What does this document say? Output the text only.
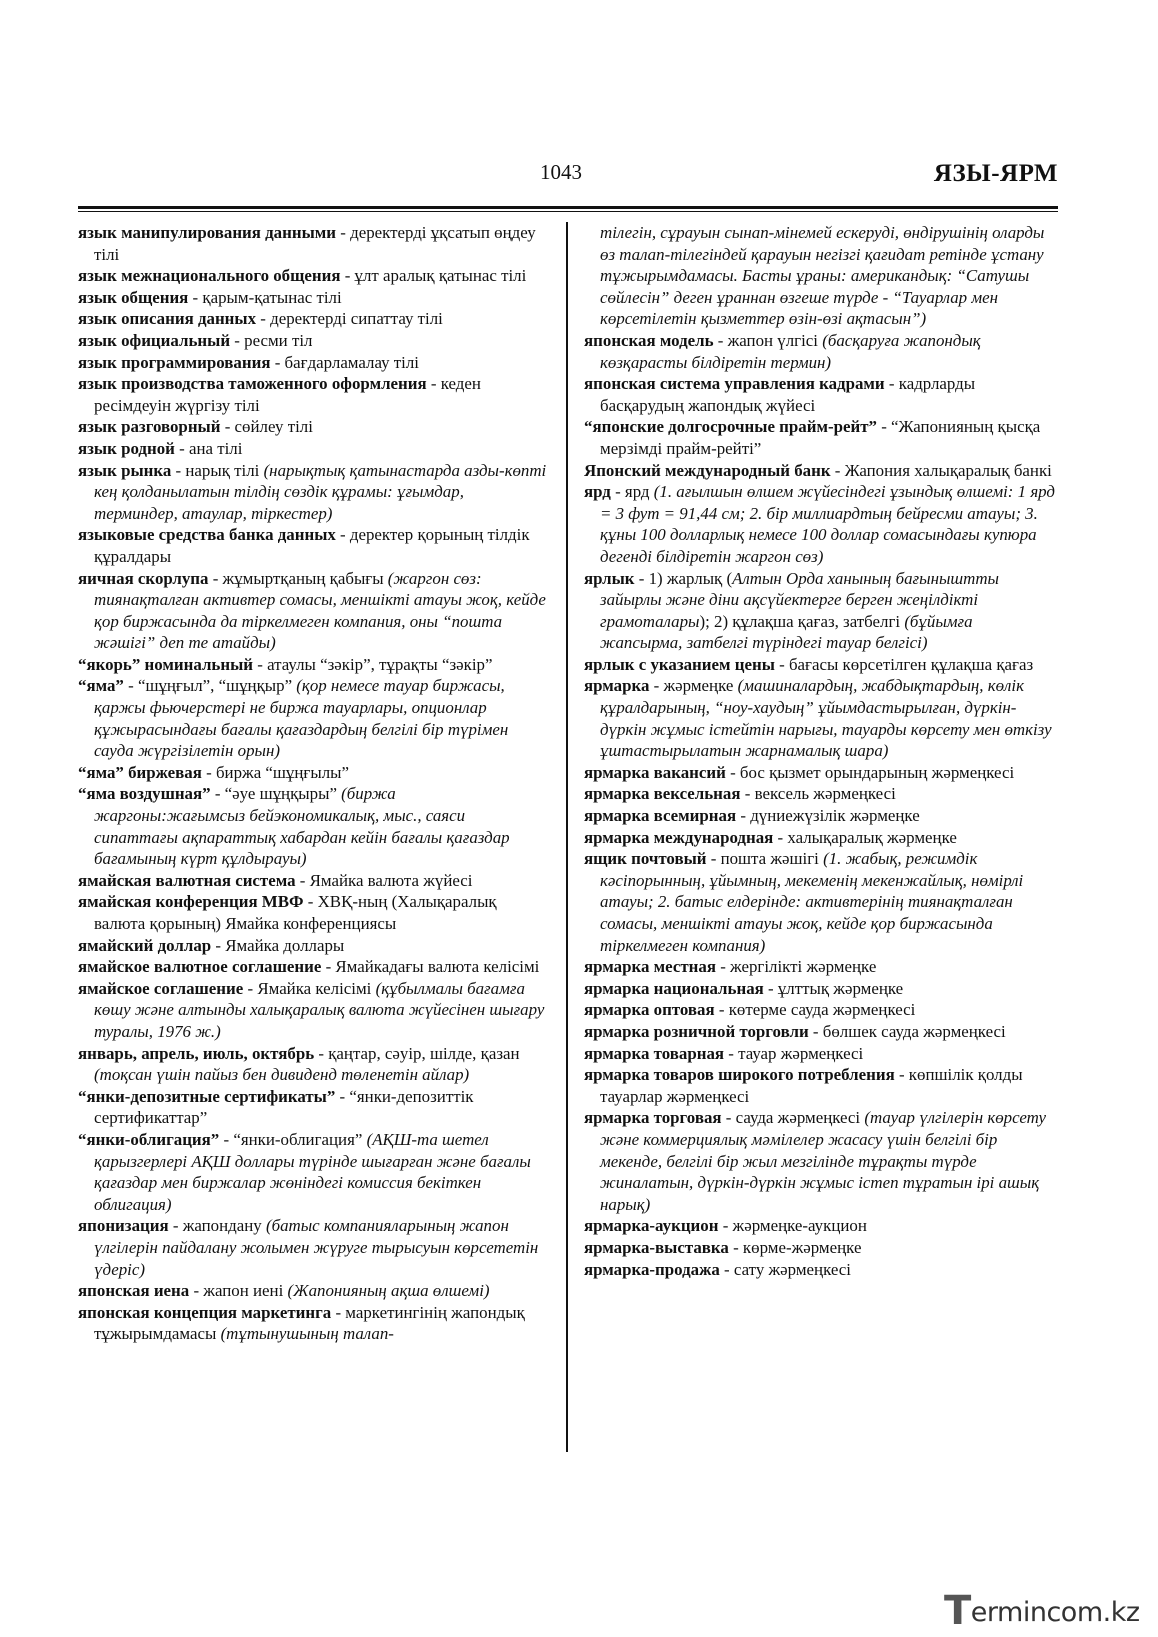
1043	ЯЗЫ-ЯРМ

язык манипулирования данными - деректерді ұқсатып өңдеу тілі

язык межнационального общения - ұлт аралық қатынас тілі

язык общения - қарым-қатынас тілі

язык описания данных - деректерді сипаттау тілі

язык официальный - ресми тіл

язык программирования - бағдарламалау тілі

язык производства таможенного оформления - кеден ресімдеуін жүргізу тілі

язык разговорный - сөйлеу тілі

язык родной - ана тілі

язык рынка - нарық тілі (нарықтық қатынастарда азды-көпті кең қолданылатын тілдің сөздік құрамы: ұғымдар, терминдер, атаулар, тіркестер)

языковые средства банка данных - деректер қорының тілдік құралдары

яичная скорлупа - жұмыртқаның қабығы (жаргон сөз: тиянақталған активтер сомасы, меншікті атауы жоқ, кейде қор биржасында да тіркелмеген компания, оны “пошта жәшігі” деп те атайды)

“якорь” номинальный - атаулы “зәкір”, тұрақты “зәкір”

“яма” - “шұңғыл”, “шұңқыр” (қор немесе тауар биржасы, қаржы фьючерстері не биржа тауарлары, опционлар құжырасындағы бағалы қағаздардың белгілі бір түрімен сауда жүргізілетін орын)

“яма” биржевая - биржа “шұңғылы”

“яма воздушная” - “әуе шұңқыры” (биржа жаргоны:жағымсыз бейэкономикалық, мыс., саяси сипаттағы ақпараттық хабардан кейін бағалы қағаздар бағамының күрт құлдырауы)

ямайская валютная система - Ямайка валюта жүйесі

ямайская конференция МВФ - ХВҚ-ның (Халықаралық валюта қорының) Ямайка конференциясы

ямайский доллар - Ямайка доллары

ямайское валютное соглашение - Ямайкадағы валюта келісімі

ямайское соглашение - Ямайка келісімі (құбылмалы бағамға көшу және алтынды халықаралық валюта жүйесінен шығару туралы, 1976 ж.)

январь, апрель, июль, октябрь - қаңтар, сәуір, шілде, қазан (тоқсан үшін пайыз бен дивиденд төленетін айлар)

“янки-депозитные сертификаты” - “янки-депозиттік сертификаттар”

“янки-облигация” - “янки-облигация” (АҚШ-та шетел қарызгерлері АҚШ доллары түрінде шығарған және бағалы қағаздар мен биржалар жөніндегі комиссия бекіткен облигация)

японизация - жапондану (батыс компанияларының жапон үлгілерін пайдалану жолымен жүруге тырысуын көрсететін үдеріс)

японская иена - жапон иені (Жапонияның ақша өлшемі)

японская концепция маркетинга - маркетингінің жапондық тұжырымдамасы (тұтынушының талап-

тілегін, сұрауын сынап-мінемей ескеруді, өндірушінің оларды өз талап-тілегіндей қарауын негізгі қағидат ретінде ұстану тұжырымдамасы. Басты ұраны: американдық: “Сатушы сөйлесін” деген ұраннан өзгеше түрде - “Тауарлар мен көрсетілетін қызметтер өзін-өзі ақтасын”)

японская модель - жапон үлгісі (басқаруға жапондық көзқарасты білдіретін термин)

японская система управления кадрами - кадрларды басқарудың жапондық жүйесі

“японские долгосрочные прайм-рейт” - “Жапонияның қысқа мерзімді прайм-рейті”

Японский международный банк - Жапония халықаралық банкі

ярд - ярд (1. ағылшын өлшем жүйесіндегі ұзындық өлшемі: 1 ярд = 3 фут = 91,44 см; 2. бір миллиардтың бейресми атауы; 3. құны 100 долларлық немесе 100 доллар сомасындағы купюра дегенді білдіретін жаргон сөз)

ярлык - 1) жарлық (Алтын Орда ханының бағыныштты зайырлы және діни ақсүйектерге берген жеңілдікті грамоталары); 2) құлақша қағаз, затбелгі (бұйымға жапсырма, затбелгі түріндегі тауар белгісі)

ярлык с указанием цены - бағасы көрсетілген құлақша қағаз

ярмарка - жәрмеңке (машиналардың, жабдықтардың, көлік құралдарының, “ноу-хаудың” ұйымдастырылған, дүркін-дүркін жұмыс істейтін нарығы, тауарды көрсету мен өткізу ұштастырылатын жарнамалық шара)

ярмарка вакансий - бос қызмет орындарының жәрмеңкесі

ярмарка вексельная - вексель жәрмеңкесі

ярмарка всемирная - дүниежүзілік жәрмеңке

ярмарка международная - халықаралық жәрмеңке

ящик почтовый - пошта жәшігі (1. жабық, режимдік кәсіпорынның, ұйымның, мекеменің мекенжайлық, нөмірлі атауы; 2. батыс елдерінде: активтерінің тиянақталған сомасы, меншікті атауы жоқ, кейде қор биржасында тіркелмеген компания)

ярмарка местная - жергілікті жәрмеңке

ярмарка национальная - ұлттық жәрмеңке

ярмарка оптовая - көтерме сауда жәрмеңкесі

ярмарка розничной торговли - бөлшек сауда жәрмеңкесі

ярмарка товарная - тауар жәрмеңкесі

ярмарка товаров широкого потребления - көпшілік қолды тауарлар жәрмеңкесі

ярмарка торговая - сауда жәрмеңкесі (тауар үлгілерін көрсету және коммерциялық мәмілелер жасасу үшін белгілі бір мекенде, белгілі бір жыл мезгілінде тұрақты түрде жиналатын, дүркін-дүркін жұмыс істеп тұратын ірі ашық нарық)

ярмарка-аукцион - жәрмеңке-аукцион

ярмарка-выставка - көрме-жәрмеңке

ярмарка-продажа - сату жәрмеңкесі

Termincom.kz
